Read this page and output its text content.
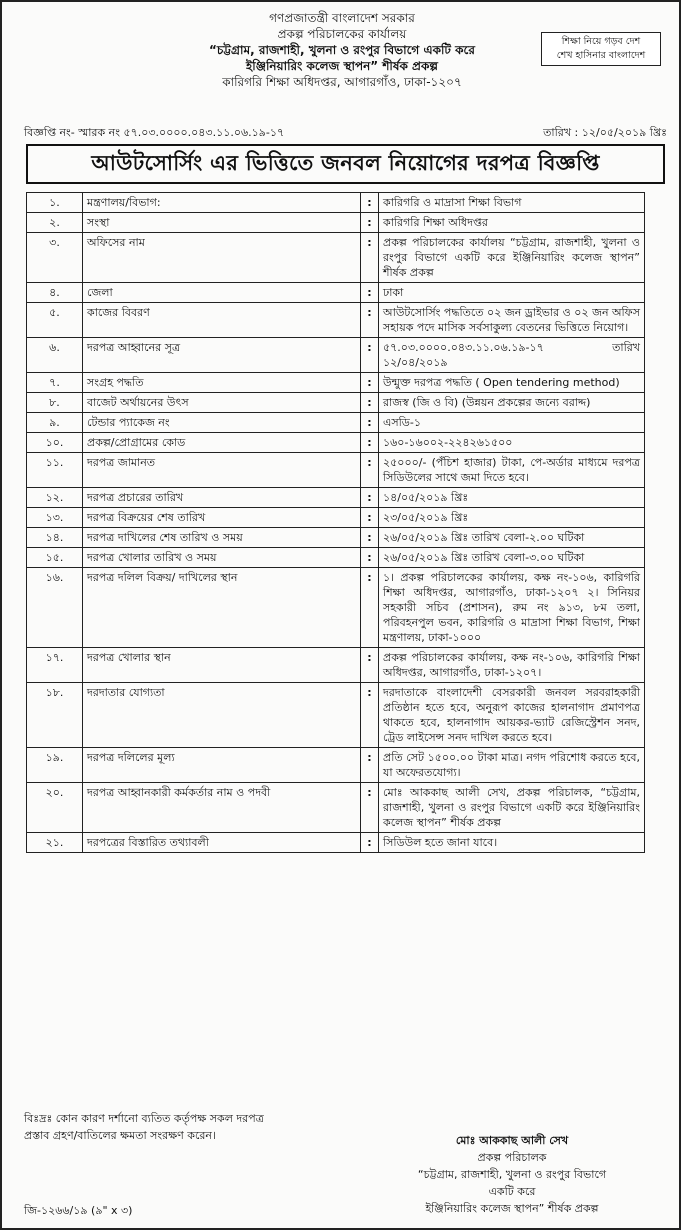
গণপ্রজাতন্ত্রী বাংলাদেশ সরকার
প্রকল্প পরিচালকের কার্যালয়
“চট্টগ্রাম, রাজশাহী, খুলনা ও রংপুর বিভাগে একটি করে
ইঞ্জিনিয়ারিং কলেজ স্থাপন” শীর্ষক প্রকল্প
কারিগরি শিক্ষা অধিদপ্তর, আগারগাঁও, ঢাকা-১২০৭
শিক্ষা নিয়ে গড়ব দেশ
শেখ হাসিনার বাংলাদেশ
বিজ্ঞপ্তি নং- স্মারক নং ৫৭.০৩.০০০০.০৪৩.১১.০৬.১৯-১৭	তারিখ : ১২/০৫/২০১৯ খ্রিঃ
আউটসোর্সিং এর ভিত্তিতে জনবল নিয়োগের দরপত্র বিজ্ঞপ্তি
১.	মন্ত্রণালয়/বিভাগ:	:	কারিগরি ও মাদ্রাসা শিক্ষা বিভাগ
২.	সংস্থা	:	কারিগরি শিক্ষা অধিদপ্তর
৩.	অফিসের নাম	:	প্রকল্প পরিচালকের কার্যালয় “চট্টগ্রাম, রাজশাহী, খুলনা ও রংপুর বিভাগে একটি করে ইঞ্জিনিয়ারিং কলেজ স্থাপন” শীর্ষক প্রকল্প
৪.	জেলা	:	ঢাকা
৫.	কাজের বিবরণ	:	আউটসোর্সিং পদ্ধতিতে ০২ জন ড্রাইভার ও ০২ জন অফিস সহায়ক পদে মাসিক সর্বসাকুল্য বেতনের ভিত্তিতে নিয়োগ।
৬.	দরপত্র আহ্বানের সূত্র	:	৫৭.০৩.০০০০.০৪৩.১১.০৬.১৯-১৭ তারিখ ১২/০৪/২০১৯
৭.	সংগ্রহ পদ্ধতি	:	উন্মুক্ত দরপত্র পদ্ধতি ( Open tendering method)
৮.	বাজেট অর্থায়নের উৎস	:	রাজস্ব (জি ও বি) (উন্নয়ন প্রকল্পের জন্যে বরাদ্দ)
৯.	টেন্ডার প্যাকেজ নং	:	এসডি-১
১০.	প্রকল্প/প্রোগ্রামের কোড	:	১৬০-১৬০০২-২২৪২৬১৫০০
১১.	দরপত্র জামানত	:	২৫০০০/- (পঁচিশ হাজার) টাকা, পে-অর্ডার মাধ্যমে দরপত্র সিডিউলের সাথে জমা দিতে হবে।
১২.	দরপত্র প্রচারের তারিখ	:	১৪/০৫/২০১৯ খ্রিঃ
১৩.	দরপত্র বিক্রয়ের শেষ তারিখ	:	২৩/০৫/২০১৯ খ্রিঃ
১৪.	দরপত্র দাখিলের শেষ তারিখ ও সময়	:	২৬/০৫/২০১৯ খ্রিঃ তারিখ বেলা-২.০০ ঘটিকা
১৫.	দরপত্র খোলার তারিখ ও সময়	:	২৬/০৫/২০১৯ খ্রিঃ তারিখ বেলা-৩.০০ ঘটিকা
১৬.	দরপত্র দলিল বিক্রয়/ দাখিলের স্থান	:	১। প্রকল্প পরিচালকের কার্যালয়, কক্ষ নং-১০৬, কারিগরি শিক্ষা অধিদপ্তর, আগারগাঁও, ঢাকা-১২০৭ ২। সিনিয়র সহকারী সচিব (প্রশাসন), রুম নং ৯১৩, ৮ম তলা, পরিবহনপুল ভবন, কারিগরি ও মাদ্রাসা শিক্ষা বিভাগ, শিক্ষা মন্ত্রণালয়, ঢাকা-১০০০
১৭.	দরপত্র খোলার স্থান	:	প্রকল্প পরিচালকের কার্যালয়, কক্ষ নং-১০৬, কারিগরি শিক্ষা অধিদপ্তর, আগারগাঁও, ঢাকা-১২০৭।
১৮.	দরদাতার যোগ্যতা	:	দরদাতাকে বাংলাদেশী বেসরকারী জনবল সরবরাহকারী প্রতিষ্ঠান হতে হবে, অনুরূপ কাজের হালনাগাদ প্রমাণপত্র থাকতে হবে, হালনাগাদ আয়কর-ভ্যাট রেজিস্ট্রেশন সনদ, ট্রেড লাইসেন্স সনদ দাখিল করতে হবে।
১৯.	দরপত্র দলিলের মূল্য	:	প্রতি সেট ১৫০০.০০ টাকা মাত্র। নগদ পরিশোধ করতে হবে, যা অফেরতযোগ্য।
২০.	দরপত্র আহ্বানকারী কর্মকর্তার নাম ও পদবী	:	মোঃ আককাছ আলী সেখ, প্রকল্প পরিচালক, “চট্টগ্রাম, রাজশাহী, খুলনা ও রংপুর বিভাগে একটি করে ইঞ্জিনিয়ারিং কলেজ স্থাপন” শীর্ষক প্রকল্প
২১.	দরপত্রের বিস্তারিত তথ্যাবলী	:	সিডিউল হতে জানা যাবে।
বিঃদ্রঃ কোন কারণ দর্শানো ব্যতিত কর্তৃপক্ষ সকল দরপত্র প্রস্তাব গ্রহণ/বাতিলের ক্ষমতা সংরক্ষণ করেন।	মোঃ আককাছ আলী সেখ
প্রকল্প পরিচালক
“চট্টগ্রাম, রাজশাহী, খুলনা ও রংপুর বিভাগে
একটি করে
ইঞ্জিনিয়ারিং কলেজ স্থাপন” শীর্ষক প্রকল্প
জি-১২৬৬/১৯ (৯" x ৩)
